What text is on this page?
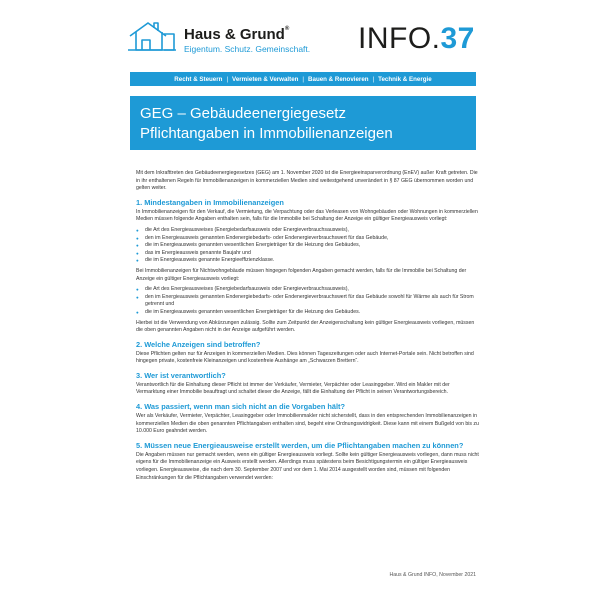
Haus & Grund®
Eigentum. Schutz. Gemeinschaft. INFO.37
Recht & Steuern | Vermieten & Verwalten | Bauen & Renovieren | Technik & Energie
GEG – Gebäudeenergiegesetz
Pflichtangaben in Immobilienanzeigen

Mit dem Inkrafttreten des Gebäudeenergiegesetzes (GEG) am 1. November 2020 ist die Energieeinsparverordnung (EnEV) außer Kraft getreten. Die in ihr enthaltenen Regeln für Immobilienanzeigen in kommerziellen Medien sind weitestgehend unverändert in § 87 GEG übernommen worden und gelten weiter.

1. Mindestangaben in Immobilienanzeigen

In Immobilienanzeigen für den Verkauf, die Vermietung, die Verpachtung oder das Verleasen von Wohngebäuden oder Wohnungen in kommerziellen Medien müssen folgende Angaben enthalten sein, falls für die Immobilie bei Schaltung der Anzeige ein gültiger Energieausweis vorliegt:

● die Art des Energieausweises (Energiebedarfsausweis oder Energieverbrauchsausweis),
● den im Energieausweis genannten Endenergiebedarfs- oder Endenergieverbrauchswert für das Gebäude,
● die im Energieausweis genannten wesentlichen Energieträger für die Heizung des Gebäudes,
● das im Energieausweis genannte Baujahr und
● die im Energieausweis genannte Energieeffizienzklasse.

Bei Immobilienanzeigen für Nichtwohngebäude müssen hingegen folgenden Angaben gemacht werden, falls für die Immobilie bei Schaltung der Anzeige ein gültiger Energieausweis vorliegt:

● die Art des Energieausweises (Energiebedarfsausweis oder Energieverbrauchsausweis),
● den im Energieausweis genannten Endenergiebedarfs- oder Endenergieverbrauchswert für das Gebäude sowohl für Wärme als auch für Strom getrennt und
● die im Energieausweis genannten wesentlichen Energieträger für die Heizung des Gebäudes.

Hierbei ist die Verwendung von Abkürzungen zulässig. Sollte zum Zeitpunkt der Anzeigenschaltung kein gültiger Energieausweis vorliegen, müssen die oben genannten Angaben nicht in der Anzeige aufgeführt werden.

2. Welche Anzeigen sind betroffen?

Diese Pflichten gelten nur für Anzeigen in kommerziellen Medien. Dies können Tageszeitungen oder auch Internet-Portale sein. Nicht betroffen sind hingegen private, kostenfreie Kleinanzeigen und kostenfreie Aushänge am „Schwarzen Brettern“.

3. Wer ist verantwortlich?

Verantwortlich für die Einhaltung dieser Pflicht ist immer der Verkäufer, Vermieter, Verpächter oder Leasinggeber. Wird ein Makler mit der Vermarktung einer Immobilie beauftragt und schaltet dieser die Anzeige, fällt die Einhaltung der Pflicht in seinen Verantwortungsbereich.

4. Was passiert, wenn man sich nicht an die Vorgaben hält?

Wer als Verkäufer, Vermieter, Verpächter, Leasinggeber oder Immobilienmakler nicht sicherstellt, dass in den entsprechenden Immobilienanzeigen in kommerziellen Medien die oben genannten Pflichtangaben enthalten sind, begeht eine Ordnungswidrigkeit. Diese kann mit einem Bußgeld von bis zu 10.000 Euro geahndet werden.

5. Müssen neue Energieausweise erstellt werden, um die Pflichtangaben machen zu können?

Die Angaben müssen nur gemacht werden, wenn ein gültiger Energieausweis vorliegt. Sollte kein gültiger Energieausweis vorliegen, dann muss nicht eigens für die Immobilienanzeige ein Ausweis erstellt werden. Allerdings muss spätestens beim Besichtigungstermin ein gültiger Energieausweis vorliegen. Energieausweise, die nach dem 30. September 2007 und vor dem 1. Mai 2014 ausgestellt worden sind, müssen mit folgenden Einschränkungen für die Pflichtangaben verwendet werden:

Haus & Grund INFO, November 2021
